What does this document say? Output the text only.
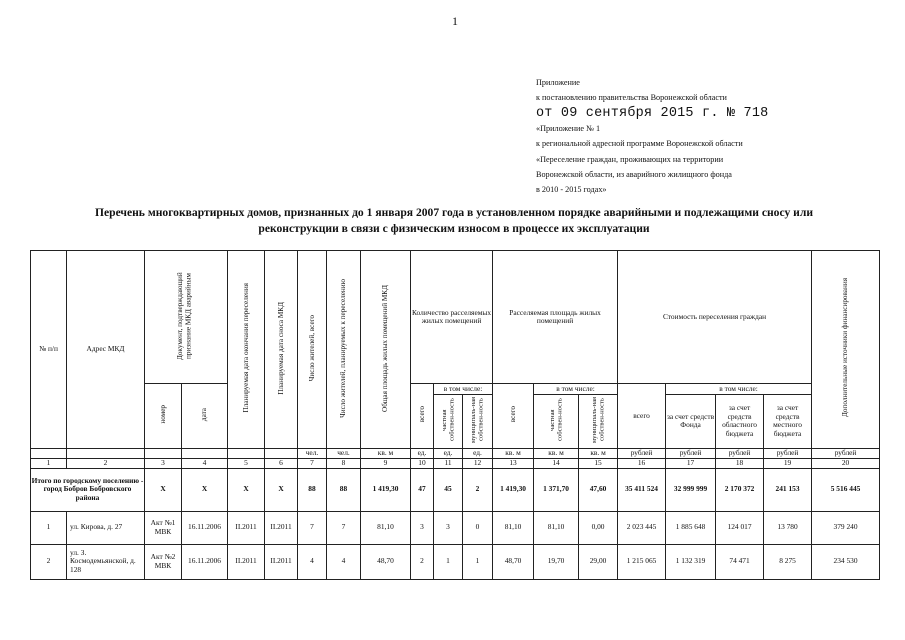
1
Приложение
к постановлению правительства Воронежской области
от 09 сентября 2015 г. № 718
«Приложение № 1
к региональной адресной программе Воронежской области
«Переселение граждан, проживающих на территории
Воронежской области, из аварийного жилищного фонда
в 2010 - 2015 годах»
Перечень многоквартирных домов, признанных до 1 января 2007 года в установленном порядке аварийными и подлежащими сносу или
реконструкции в связи с физическим износом в процессе их эксплуатации
№ п/п	Адрес МКД	Документ, подтверждающий признание МКД аварийным		Планируемая дата окончания переселения	Планируемая дата сноса МКД	Число жителей, всего	Число жителей, планируемых к переселению	Общая площадь жилых помещений МКД	Количество расселяемых жилых помещений			Расселяемая площадь жилых помещений			Стоимость переселения граждан				Дополнительные источники финансирования
		номер	дата						всего	в том числе:		всего	в том числе:		всего	в том числе:			
										частная собствен-ность	муниципаль-ная собствен-ность		частная собствен-ность	муниципаль-ная собствен-ность		за счет средств Фонда	за счет средств областного бюджета	за счет средств местного бюджета	
						чел.	чел.	кв. м	ед.	ед.	ед.	кв. м	кв. м	кв. м	рублей	рублей	рублей	рублей	рублей
1	2	3	4	5	6	7	8	9	10	11	12	13	14	15	16	17	18	19	20
Итого по городскому поселению - город Бобров Бобровского района		X	X	X	X	88	88	1 419,30	47	45	2	1 419,30	1 371,70	47,60	35 411 524	32 999 999	2 170 372	241 153	5 516 445
1	ул. Кирова, д. 27	Акт №1 МВК	16.11.2006	II.2011	II.2011	7	7	81,10	3	3	0	81,10	81,10	0,00	2 023 445	1 885 648	124 017	13 780	379 240
2	ул. З. Космодемьянской, д. 128	Акт №2 МВК	16.11.2006	II.2011	II.2011	4	4	48,70	2	1	1	48,70	19,70	29,00	1 215 065	1 132 319	74 471	8 275	234 530
